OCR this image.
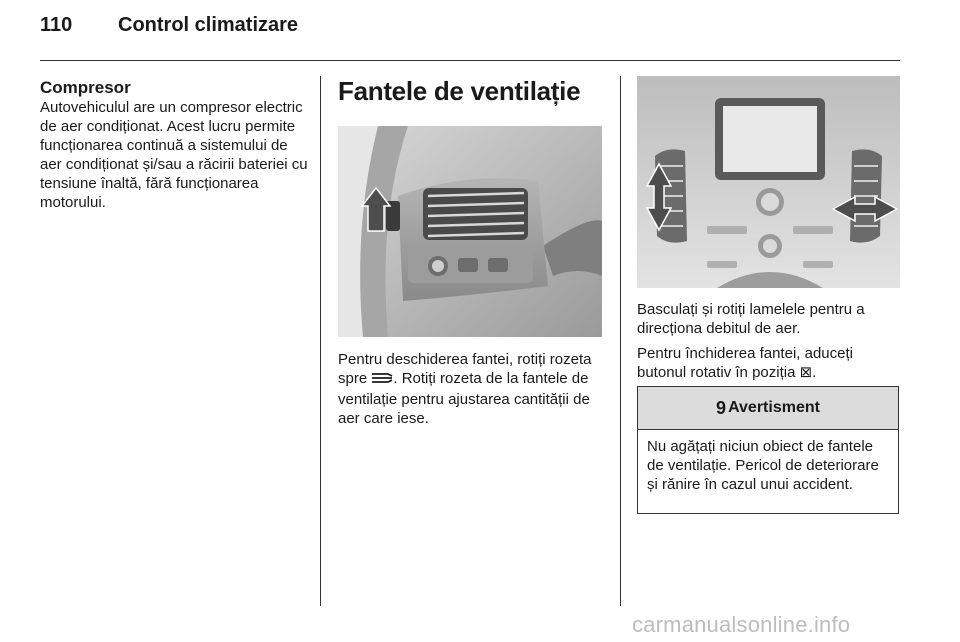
110 Control climatizare
Compresor

Autovehiculul are un compresor electric de aer condiționat. Acest lucru permite funcționarea continuă a sistemului de aer condiționat și/sau a răcirii bateriei cu tensiune înaltă, fără funcționarea motorului.

Fantele de ventilație

Pentru deschiderea fantei, rotiți rozeta spre . Rotiți rozeta de la fantele de ventilație pentru ajustarea cantității de aer care iese.

Basculați și rotiți lamelele pentru a direcționa debitul de aer.

Pentru închiderea fantei, aduceți butonul rotativ în poziția ⊠.

9 Avertisment
Nu agățați niciun obiect de fantele de ventilație. Pericol de deteriorare și rănire în cazul unui accident.
carmanualsonline.info
